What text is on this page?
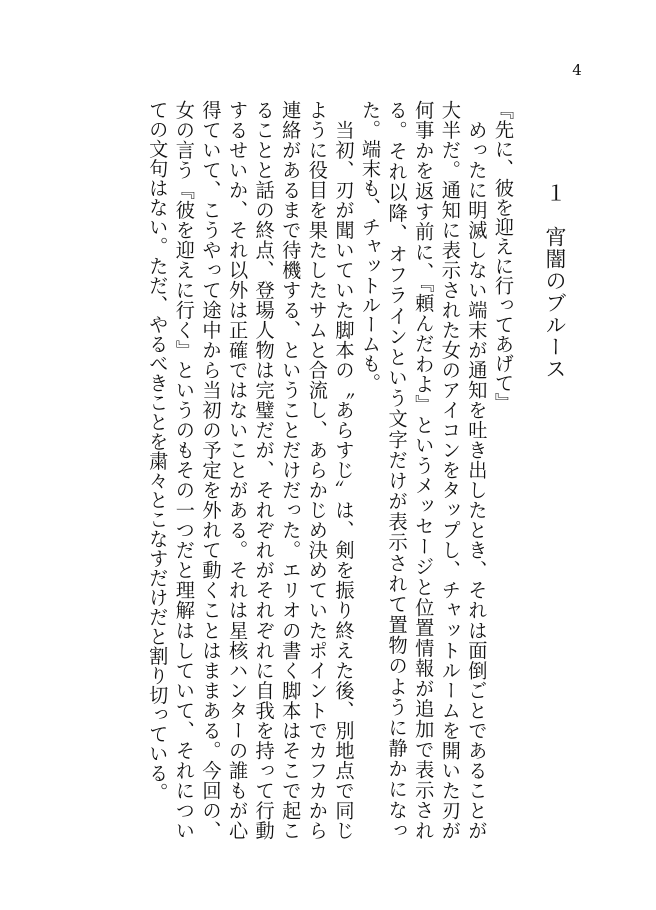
4
１　宵闇のブルース

『先に、彼を迎えに行ってあげて』

　めったに明滅しない端末が通知を吐き出したとき、それは面倒ごとであることが大半だ。通知に表示された女のアイコンをタップし、チャットルームを開いた刃が何事かを返す前に、『頼んだわよ』というメッセージと位置情報が追加で表示される。それ以降、オフラインという文字だけが表示されて置物のように静かになった。端末も、チャットルームも。

　当初、刃が聞いていた脚本の〝あらすじ〟は、剣を振り終えた後、別地点で同じように役目を果たしたサムと合流し、あらかじめ決めていたポイントでカフカから連絡があるまで待機する、ということだけだった。エリオの書く脚本はそこで起こることと話の終点、登場人物は完璧だが、それぞれがそれぞれに自我を持って行動するせいか、それ以外は正確ではないことがある。それは星核ハンターの誰もが心得ていて、こうやって途中から当初の予定を外れて動くことはままある。今回の、女の言う『彼を迎えに行く』というのもその一つだと理解はしていて、それについての文句はない。ただ、やるべきことを粛々とこなすだけだと割り切っている。
